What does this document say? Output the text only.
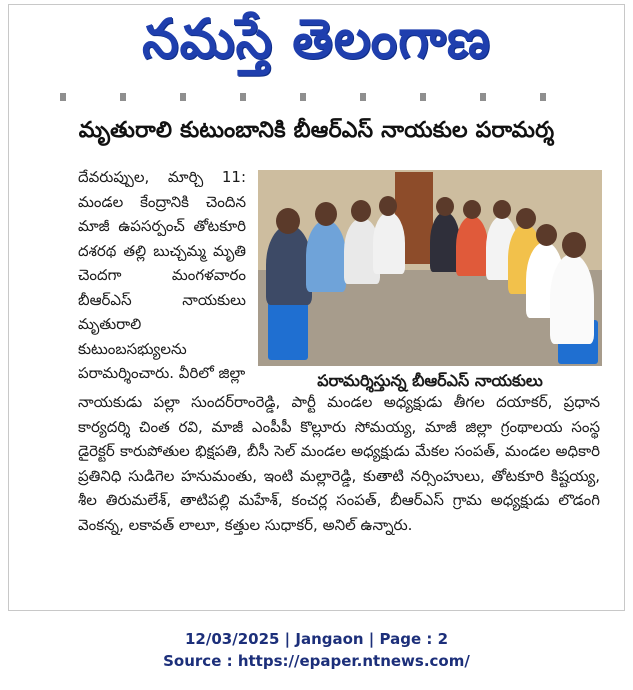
నమస్తే తెలంగాణ
మృతురాలి కుటుంబానికి బీఆర్ఎస్ నాయకుల పరామర్శ

దేవరుప్పుల, మార్చి 11: మండల కేంద్రానికి చెందిన మాజీ ఉపసర్పంచ్ తోటకూరి దశరథ తల్లి బుచ్చమ్మ మృతి చెందగా మంగళవారం బీఆర్ఎస్ నాయకులు మృతురాలి కుటుంబసభ్యులను పరామర్శించారు. వీరిలో జిల్లా	పరామర్శిస్తున్న బీఆర్ఎస్ నాయకులు

నాయకుడు పల్లా సుందర్‌రాంరెడ్డి, పార్టీ మండల అధ్యక్షుడు తీగల దయాకర్, ప్రధాన కార్యదర్శి చింత రవి, మాజీ ఎంపీపీ కొల్లూరు సోమయ్య, మాజీ జిల్లా గ్రంథాలయ సంస్థ డైరెక్టర్ కారుపోతుల భిక్షపతి, బీసీ సెల్ మండల అధ్యక్షుడు మేకల సంపత్, మండల అధికారి ప్రతినిధి సుడిగెల హనుమంతు, ఇంటి మల్లారెడ్డి, కుతాటి నర్సింహులు, తోటకూరి కిష్టయ్య, శీల తిరుమలేశ్, తాటిపల్లి మహేశ్, కంచర్ల సంపత్, బీఆర్ఎస్ గ్రామ అధ్యక్షుడు లొడంగి వెంకన్న, లకావత్ లాలూ, కత్తుల సుధాకర్, అనిల్ ఉన్నారు.

12/03/2025 | Jangaon | Page : 2
Source : https://epaper.ntnews.com/
